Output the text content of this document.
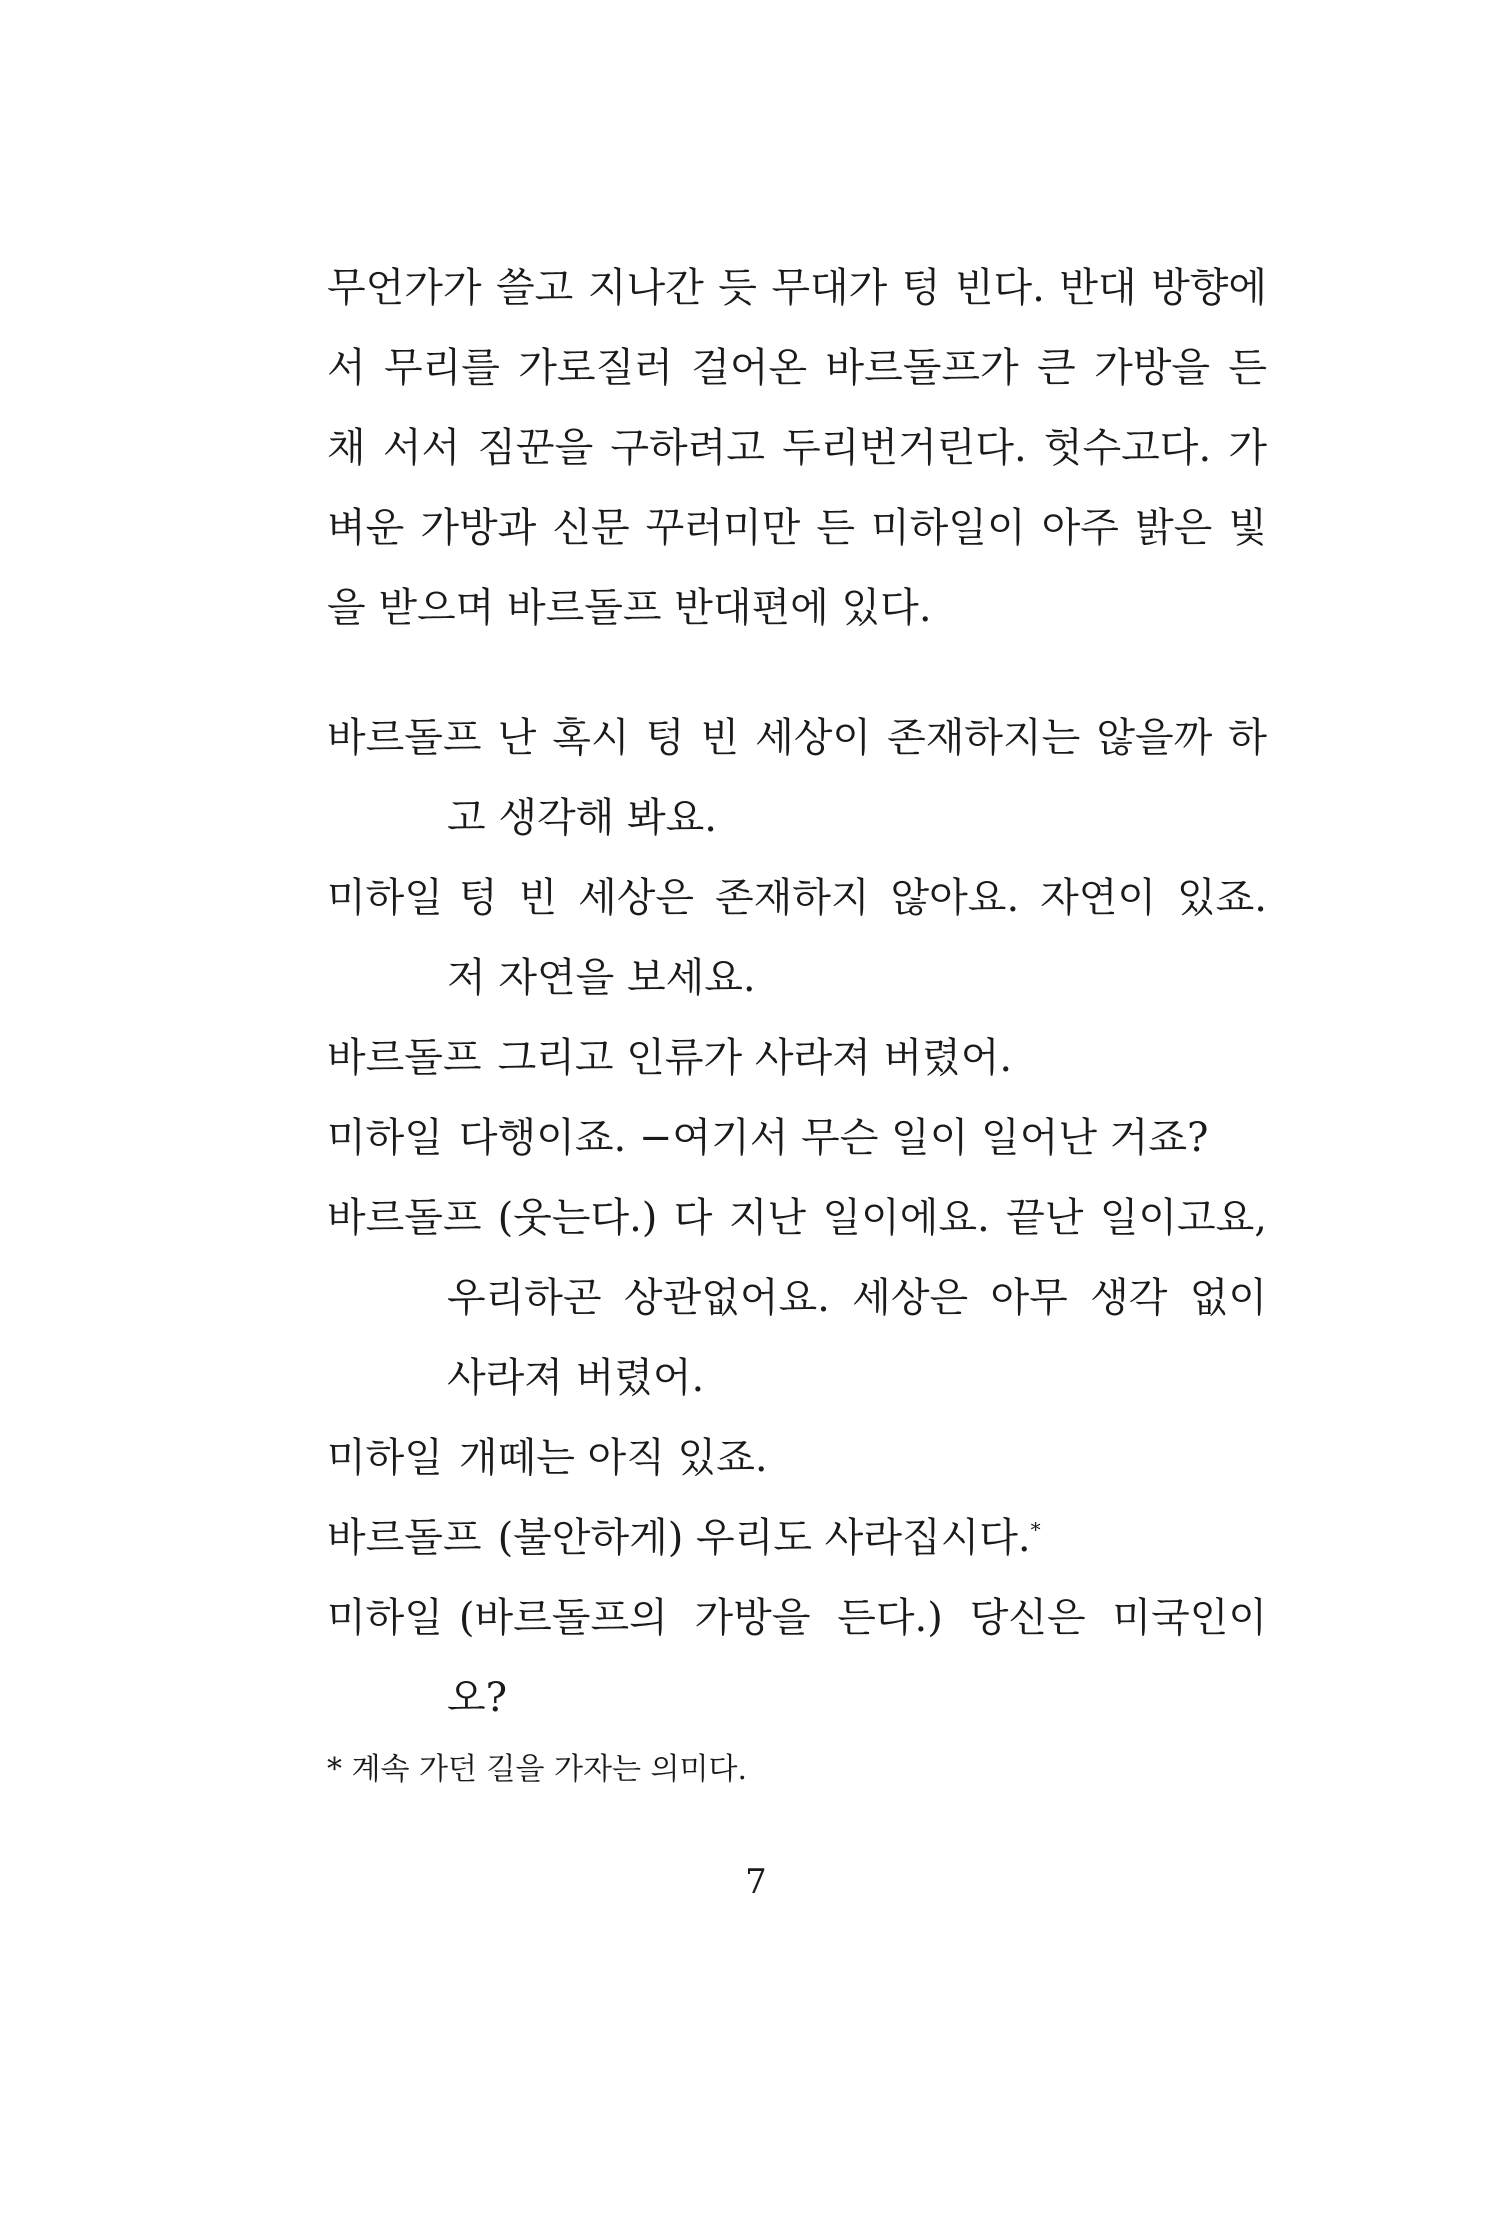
무언가가 쓸고 지나간 듯 무대가 텅 빈다. 반대 방향에서 무리를 가로질러 걸어온 바르돌프가 큰 가방을 든 채 서서 짐꾼을 구하려고 두리번거린다. 헛수고다. 가벼운 가방과 신문 꾸러미만 든 미하일이 아주 밝은 빛을 받으며 바르돌프 반대편에 있다.

바르돌프 난 혹시 텅 빈 세상이 존재하지는 않을까 하고 생각해 봐요.
미하일 텅 빈 세상은 존재하지 않아요. 자연이 있죠. 저 자연을 보세요.
바르돌프 그리고 인류가 사라져 버렸어.
미하일 다행이죠. −여기서 무슨 일이 일어난 거죠?
바르돌프 (웃는다.) 다 지난 일이에요. 끝난 일이고요, 우리하곤 상관없어요. 세상은 아무 생각 없이 사라져 버렸어.
미하일 개떼는 아직 있죠.
바르돌프 (불안하게) 우리도 사라집시다.*
미하일 (바르돌프의 가방을 든다.) 당신은 미국인이오?
* 계속 가던 길을 가자는 의미다.
7
